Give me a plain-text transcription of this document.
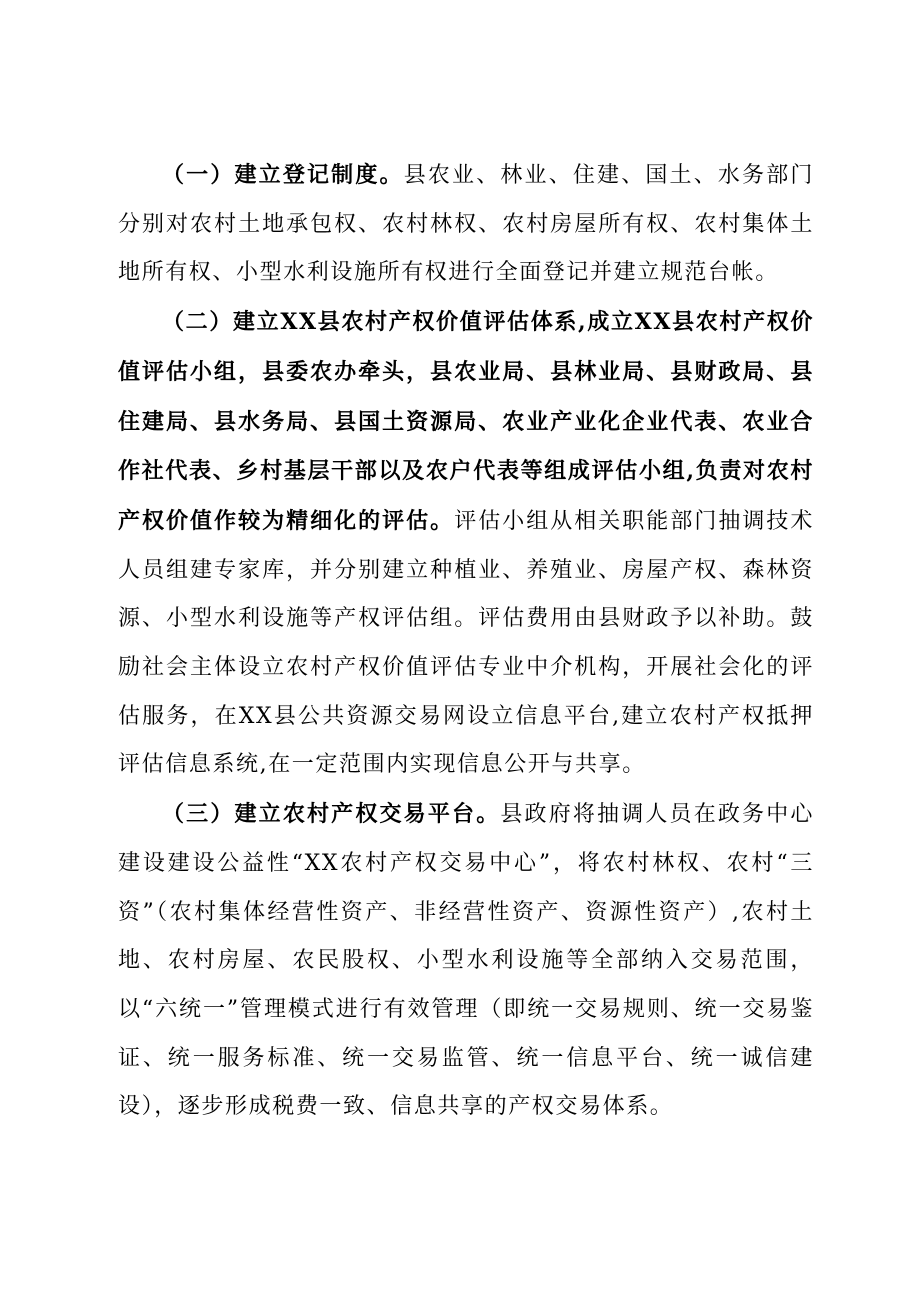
（一）建立登记制度。县农业、林业、住建、国土、水务部门分别对农村土地承包权、农村林权、农村房屋所有权、农村集体土地所有权、小型水利设施所有权进行全面登记并建立规范台帐。

（二）建立XX县农村产权价值评估体系,成立XX县农村产权价值评估小组，县委农办牵头，县农业局、县林业局、县财政局、县住建局、县水务局、县国土资源局、农业产业化企业代表、农业合作社代表、乡村基层干部以及农户代表等组成评估小组,负责对农村产权价值作较为精细化的评估。评估小组从相关职能部门抽调技术人员组建专家库，并分别建立种植业、养殖业、房屋产权、森林资源、小型水利设施等产权评估组。评估费用由县财政予以补助。鼓励社会主体设立农村产权价值评估专业中介机构，开展社会化的评估服务，在XX县公共资源交易网设立信息平台,建立农村产权抵押评估信息系统,在一定范围内实现信息公开与共享。

（三）建立农村产权交易平台。县政府将抽调人员在政务中心建设建设公益性“XX农村产权交易中心”，将农村林权、农村“三资”（农村集体经营性资产、非经营性资产、资源性资产）,农村土地、农村房屋、农民股权、小型水利设施等全部纳入交易范围，以“六统一”管理模式进行有效管理（即统一交易规则、统一交易鉴证、统一服务标准、统一交易监管、统一信息平台、统一诚信建设），逐步形成税费一致、信息共享的产权交易体系。
